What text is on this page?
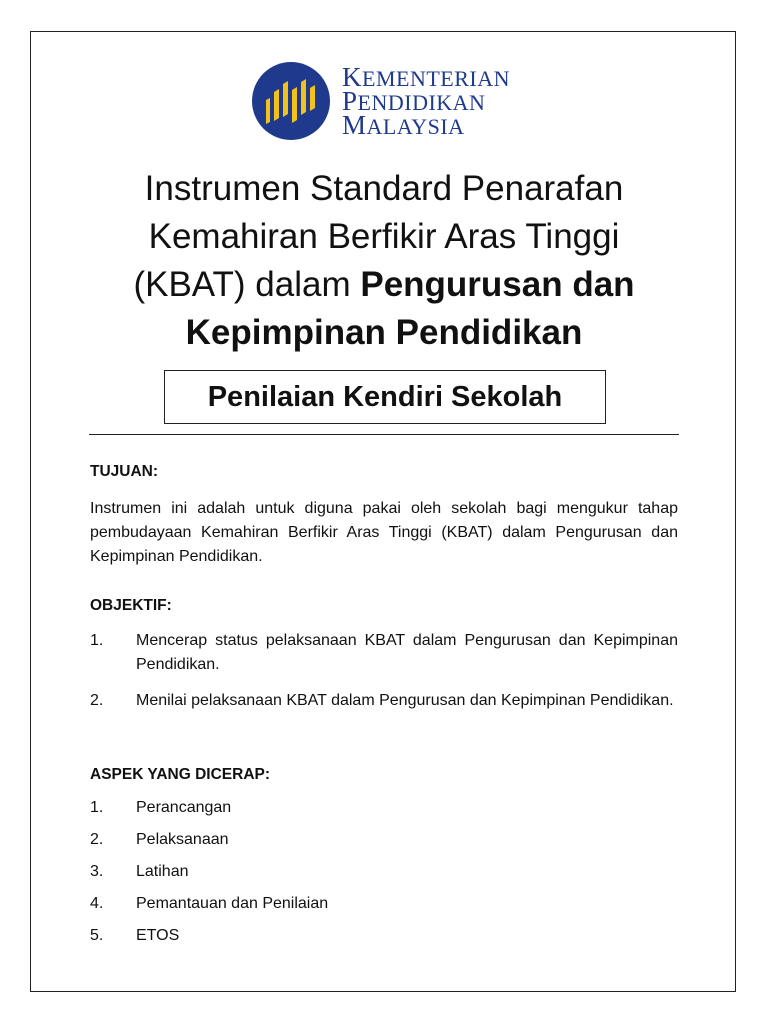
KEMENTERIAN
PENDIDIKAN
MALAYSIA
Instrumen Standard Penarafan
Kemahiran Berfikir Aras Tinggi
(KBAT) dalam Pengurusan dan
Kepimpinan Pendidikan
Penilaian Kendiri Sekolah
TUJUAN:
Instrumen ini adalah untuk diguna pakai oleh sekolah bagi mengukur tahap pembudayaan Kemahiran Berfikir Aras Tinggi (KBAT) dalam Pengurusan dan Kepimpinan Pendidikan.
OBJEKTIF:
1.	Mencerap status pelaksanaan KBAT dalam Pengurusan dan Kepimpinan Pendidikan.
2.	Menilai pelaksanaan KBAT dalam Pengurusan dan Kepimpinan Pendidikan.
ASPEK YANG DICERAP:
1.	Perancangan
2.	Pelaksanaan
3.	Latihan
4.	Pemantauan dan Penilaian
5.	ETOS
